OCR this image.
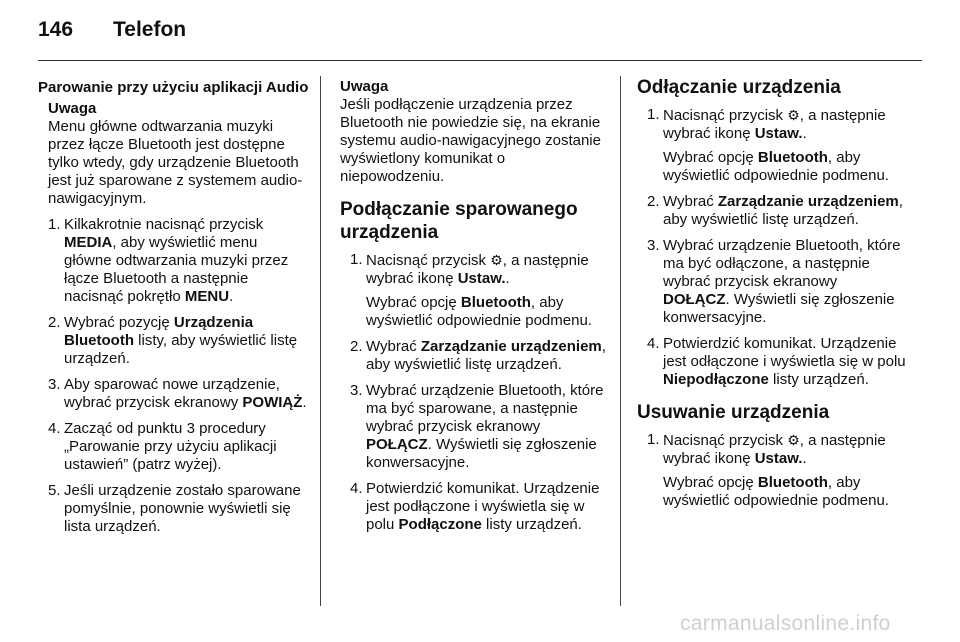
146 Telefon
Parowanie przy użyciu aplikacji Audio
Uwaga
Menu główne odtwarzania muzyki przez łącze Bluetooth jest dostępne tylko wtedy, gdy urządzenie Bluetooth jest już sparowane z systemem audio-nawigacyjnym.
1. Kilkakrotnie nacisnąć przycisk MEDIA, aby wyświetlić menu główne odtwarzania muzyki przez łącze Bluetooth a następnie nacisnąć pokrętło MENU.
2. Wybrać pozycję Urządzenia Bluetooth listy, aby wyświetlić listę urządzeń.
3. Aby sparować nowe urządzenie, wybrać przycisk ekranowy POWIĄŻ.
4. Zacząć od punktu 3 procedury „Parowanie przy użyciu aplikacji ustawień” (patrz wyżej).
5. Jeśli urządzenie zostało sparowane pomyślnie, ponownie wyświetli się lista urządzeń.
Uwaga
Jeśli podłączenie urządzenia przez Bluetooth nie powiedzie się, na ekranie systemu audio-nawigacyjnego zostanie wyświetlony komunikat o niepowodzeniu.
Podłączanie sparowanego urządzenia
1. Nacisnąć przycisk ⚙, a następnie wybrać ikonę Ustaw..

Wybrać opcję Bluetooth, aby wyświetlić odpowiednie podmenu.

2. Wybrać Zarządzanie urządzeniem, aby wyświetlić listę urządzeń.
3. Wybrać urządzenie Bluetooth, które ma być sparowane, a następnie wybrać przycisk ekranowy POŁĄCZ. Wyświetli się zgłoszenie konwersacyjne.
4. Potwierdzić komunikat. Urządzenie jest podłączone i wyświetla się w polu Podłączone listy urządzeń.
Odłączanie urządzenia
1. Nacisnąć przycisk ⚙, a następnie wybrać ikonę Ustaw..

Wybrać opcję Bluetooth, aby wyświetlić odpowiednie podmenu.

2. Wybrać Zarządzanie urządzeniem, aby wyświetlić listę urządzeń.
3. Wybrać urządzenie Bluetooth, które ma być odłączone, a następnie wybrać przycisk ekranowy DOŁĄCZ. Wyświetli się zgłoszenie konwersacyjne.
4. Potwierdzić komunikat. Urządzenie jest odłączone i wyświetla się w polu Niepodłączone listy urządzeń.
Usuwanie urządzenia
1. Nacisnąć przycisk ⚙, a następnie wybrać ikonę Ustaw..

Wybrać opcję Bluetooth, aby wyświetlić odpowiednie podmenu.

carmanualsonline.info
